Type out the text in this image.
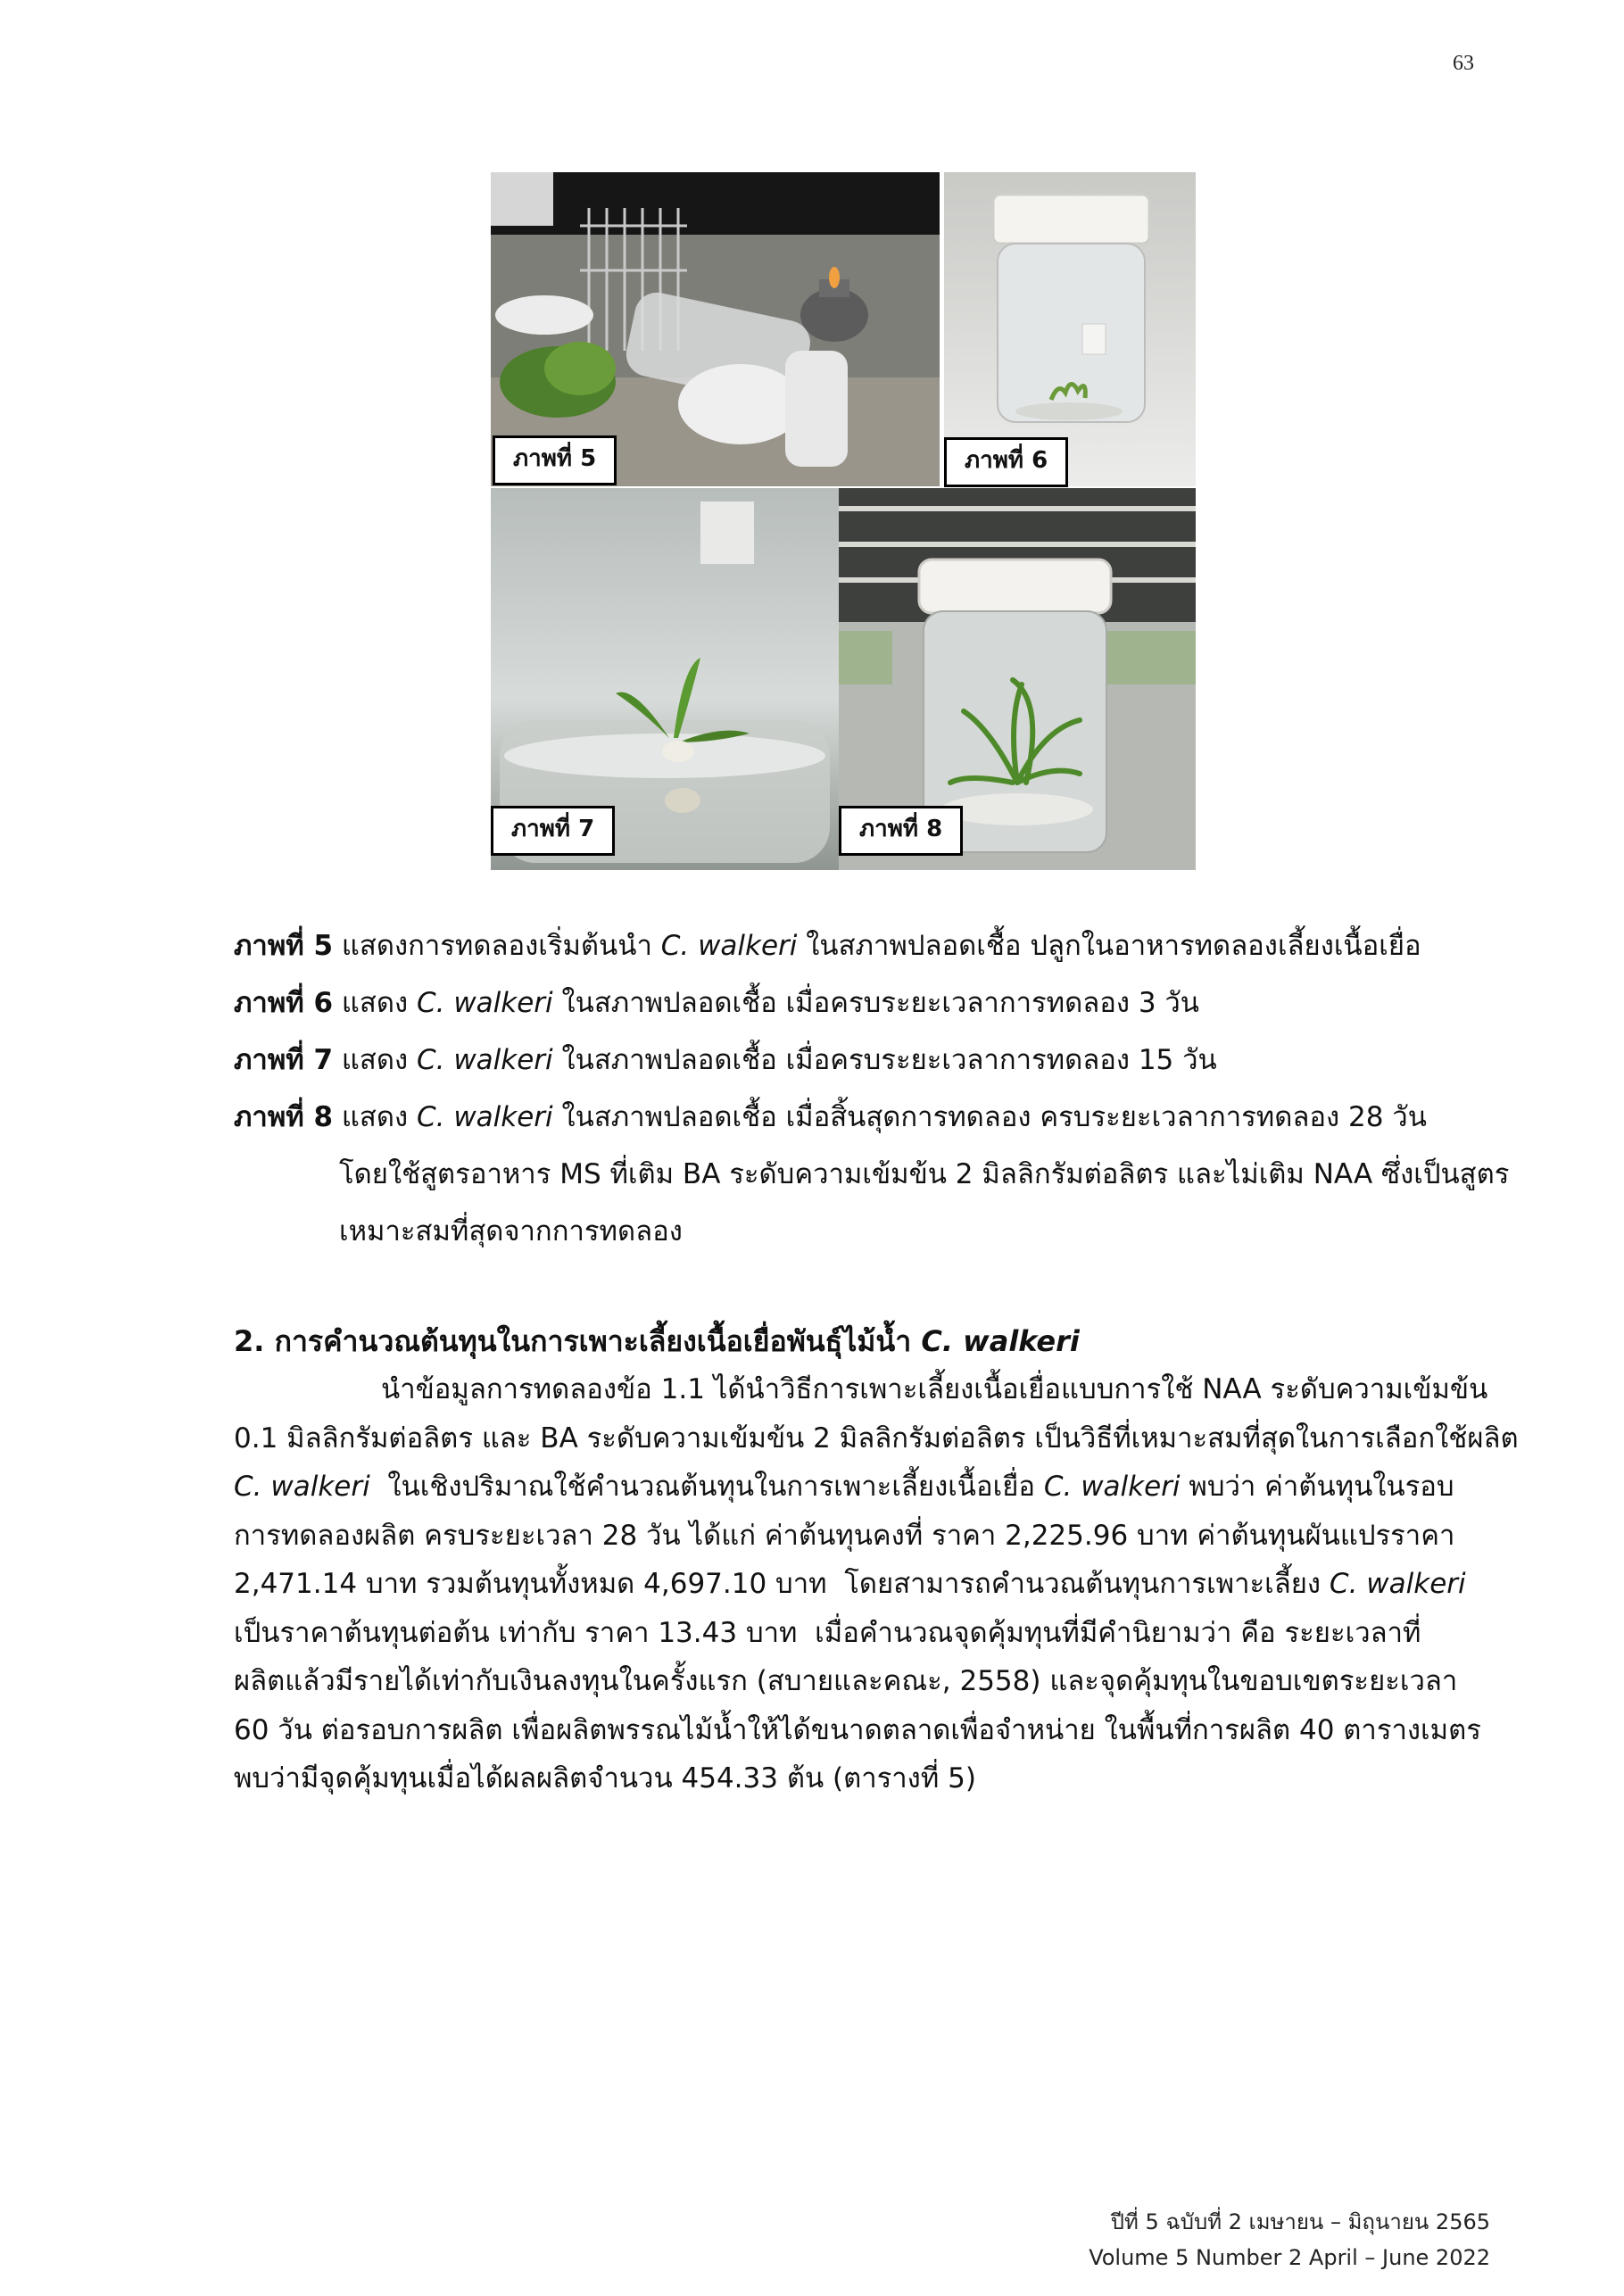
63
ภาพที่ 5	ภาพที่ 6
ภาพที่ 7	ภาพที่ 8
ภาพที่ 5 แสดงการทดลองเริ่มต้นนำ C. walkeri ในสภาพปลอดเชื้อ ปลูกในอาหารทดลองเลี้ยงเนื้อเยื่อ
ภาพที่ 6 แสดง C. walkeri ในสภาพปลอดเชื้อ เมื่อครบระยะเวลาการทดลอง 3 วัน
ภาพที่ 7 แสดง C. walkeri ในสภาพปลอดเชื้อ เมื่อครบระยะเวลาการทดลอง 15 วัน
ภาพที่ 8 แสดง C. walkeri ในสภาพปลอดเชื้อ เมื่อสิ้นสุดการทดลอง ครบระยะเวลาการทดลอง 28 วัน
โดยใช้สูตรอาหาร MS ที่เติม BA ระดับความเข้มข้น 2 มิลลิกรัมต่อลิตร และไม่เติม NAA ซึ่งเป็นสูตร
เหมาะสมที่สุดจากการทดลอง
2. การคำนวณต้นทุนในการเพาะเลี้ยงเนื้อเยื่อพันธุ์ไม้น้ำ C. walkeri
นำข้อมูลการทดลองข้อ 1.1 ได้นำวิธีการเพาะเลี้ยงเนื้อเยื่อแบบการใช้ NAA ระดับความเข้มข้น
0.1 มิลลิกรัมต่อลิตร และ BA ระดับความเข้มข้น 2 มิลลิกรัมต่อลิตร เป็นวิธีที่เหมาะสมที่สุดในการเลือกใช้ผลิต
C. walkeri  ในเชิงปริมาณใช้คำนวณต้นทุนในการเพาะเลี้ยงเนื้อเยื่อ C. walkeri พบว่า ค่าต้นทุนในรอบ
การทดลองผลิต ครบระยะเวลา 28 วัน ได้แก่ ค่าต้นทุนคงที่ ราคา 2,225.96 บาท ค่าต้นทุนผันแปรราคา
2,471.14 บาท รวมต้นทุนทั้งหมด 4,697.10 บาท  โดยสามารถคำนวณต้นทุนการเพาะเลี้ยง C. walkeri
เป็นราคาต้นทุนต่อต้น เท่ากับ ราคา 13.43 บาท  เมื่อคำนวณจุดคุ้มทุนที่มีคำนิยามว่า คือ ระยะเวลาที่
ผลิตแล้วมีรายได้เท่ากับเงินลงทุนในครั้งแรก (สบายและคณะ, 2558) และจุดคุ้มทุนในขอบเขตระยะเวลา
60 วัน ต่อรอบการผลิต เพื่อผลิตพรรณไม้น้ำให้ได้ขนาดตลาดเพื่อจำหน่าย ในพื้นที่การผลิต 40 ตารางเมตร
พบว่ามีจุดคุ้มทุนเมื่อได้ผลผลิตจำนวน 454.33 ต้น (ตารางที่ 5)
ปีที่ 5 ฉบับที่ 2 เมษายน – มิถุนายน 2565
Volume 5 Number 2 April – June 2022
